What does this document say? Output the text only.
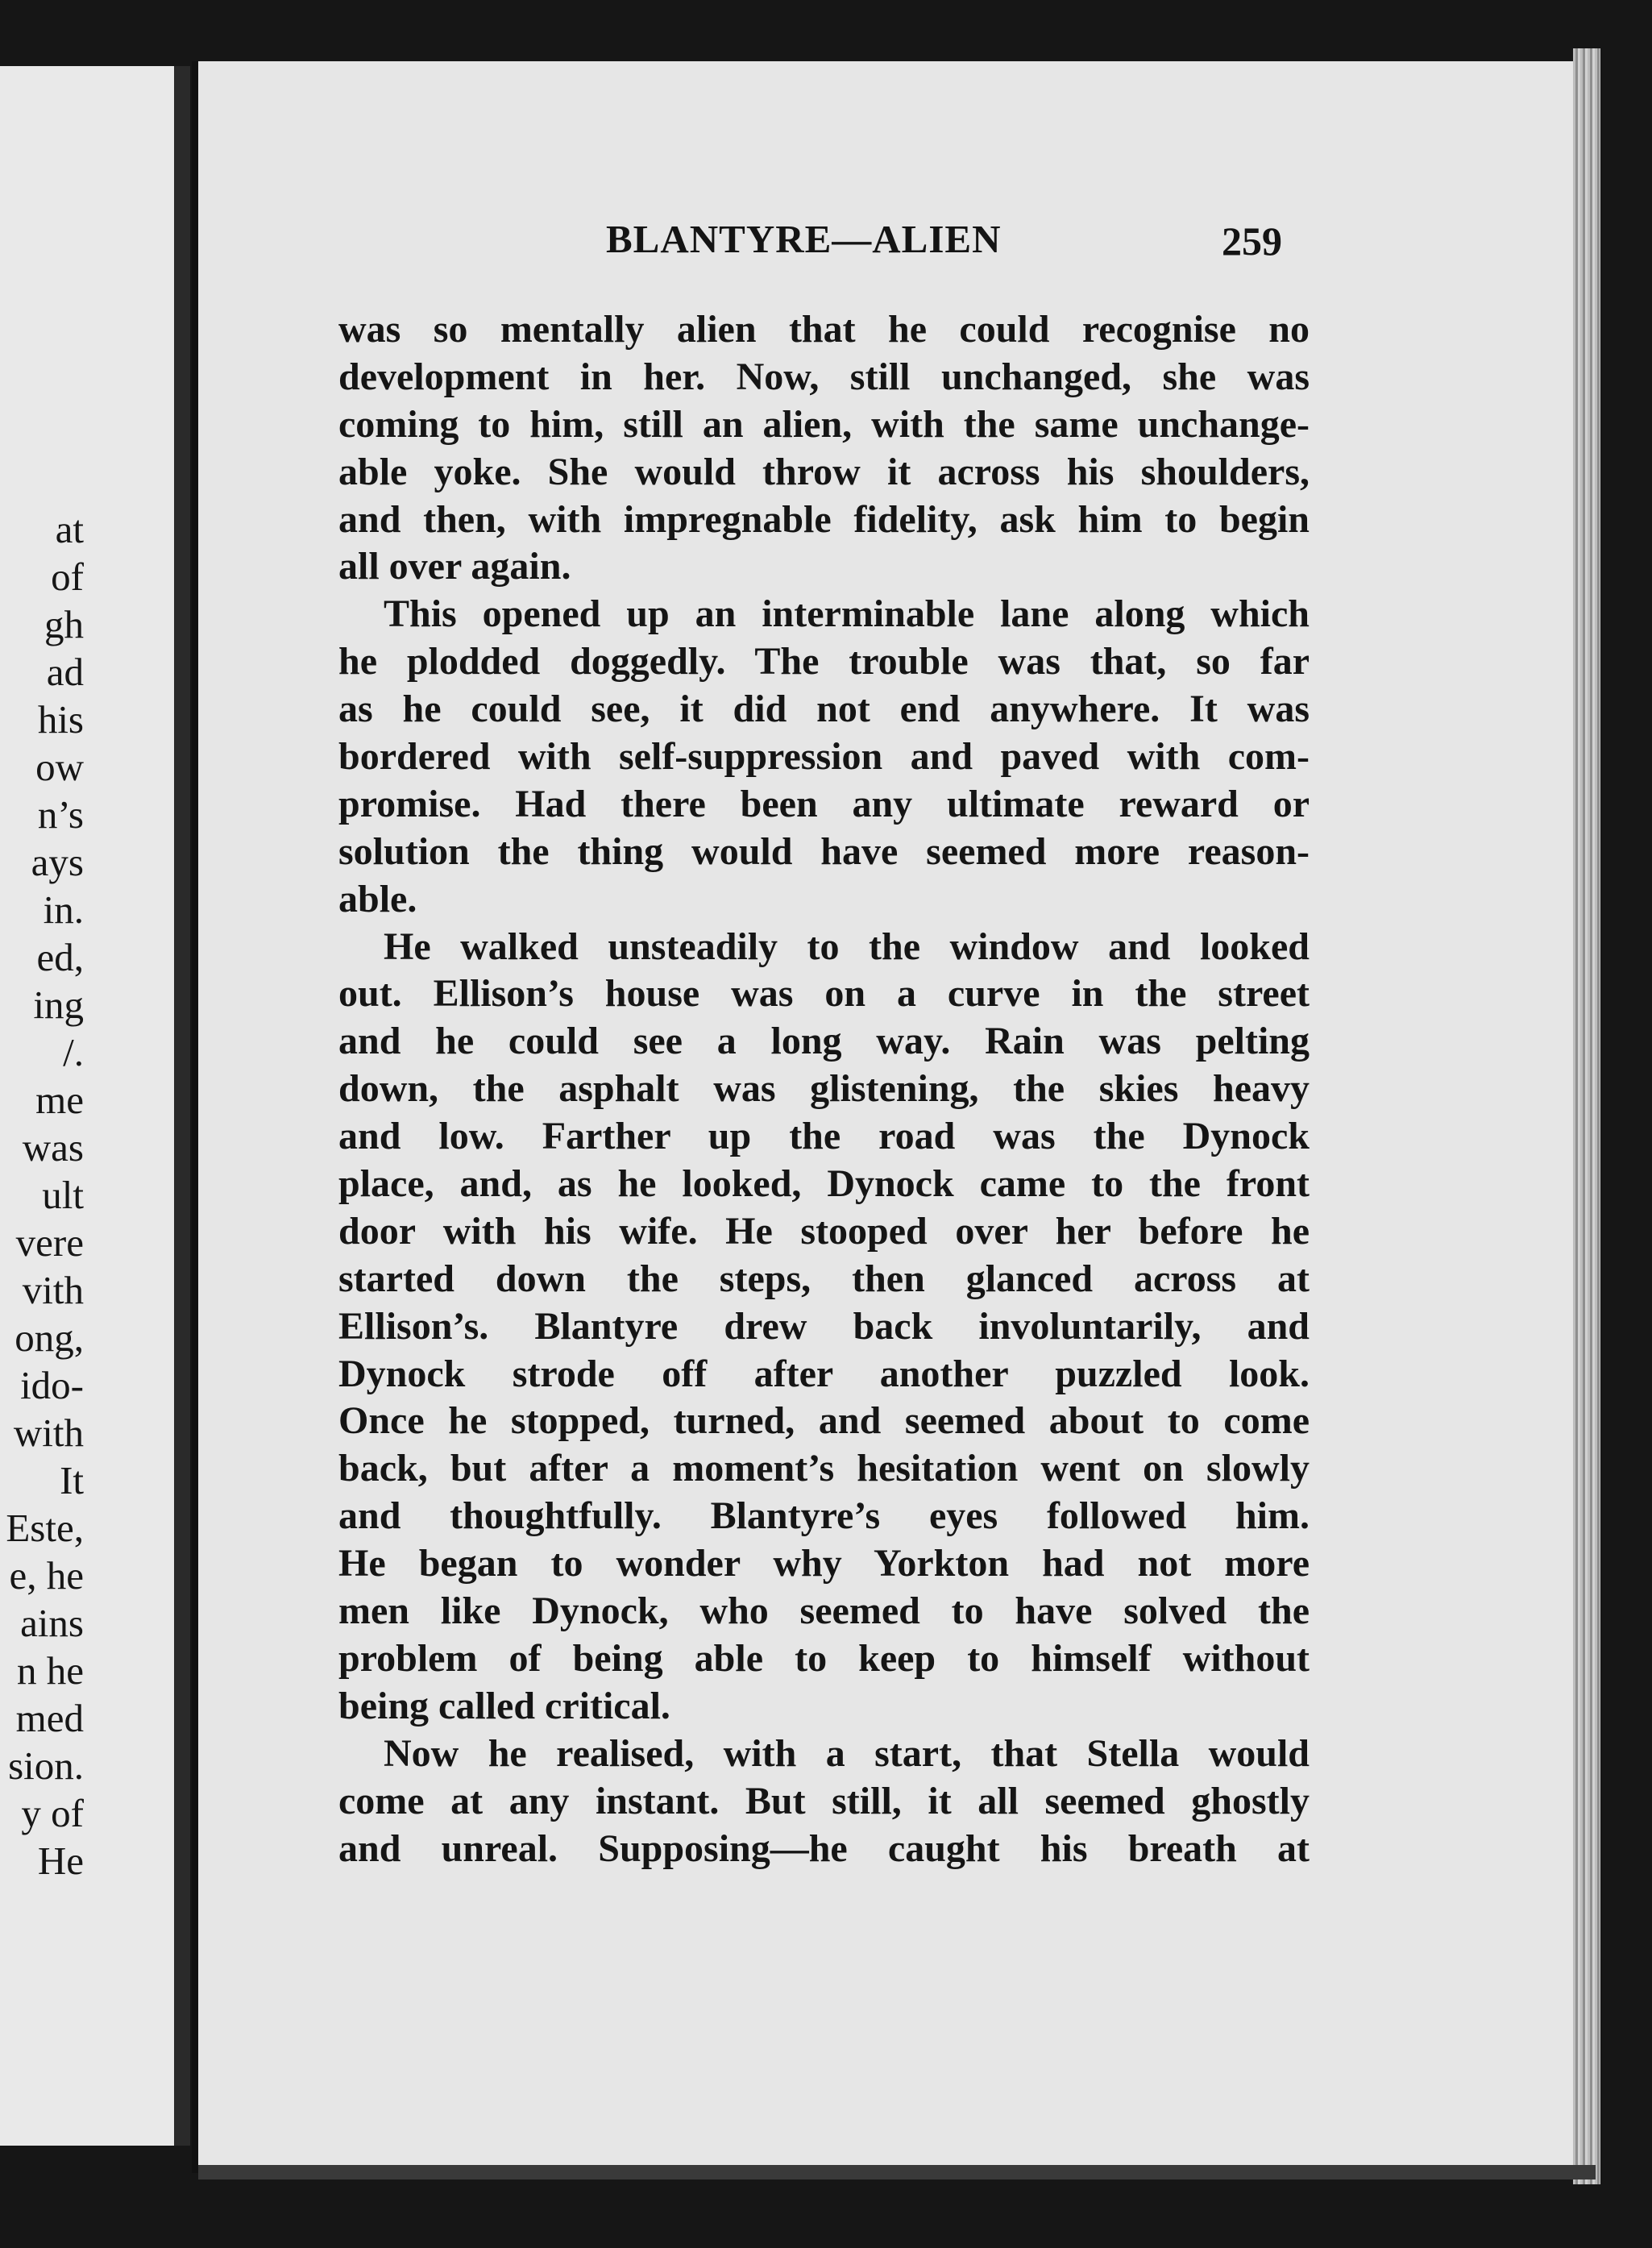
at
of
gh
ad
his
ow
n’s
ays
in.
ed,
ing
/.
me
was
ult
vere
vith
ong,
ido-
with
It
Este,
e, he
ains
n he
med
sion.
y of
He
BLANTYRE—ALIEN	259
was so mentally alien that he could recognise no
development in her. Now, still unchanged, she was
coming to him, still an alien, with the same unchange-
able yoke. She would throw it across his shoulders,
and then, with impregnable fidelity, ask him to begin
all over again.
This opened up an interminable lane along which
he plodded doggedly. The trouble was that, so far
as he could see, it did not end anywhere. It was
bordered with self-suppression and paved with com-
promise. Had there been any ultimate reward or
solution the thing would have seemed more reason-
able.
He walked unsteadily to the window and looked
out. Ellison’s house was on a curve in the street
and he could see a long way. Rain was pelting
down, the asphalt was glistening, the skies heavy
and low. Farther up the road was the Dynock
place, and, as he looked, Dynock came to the front
door with his wife. He stooped over her before he
started down the steps, then glanced across at
Ellison’s. Blantyre drew back involuntarily, and
Dynock strode off after another puzzled look.
Once he stopped, turned, and seemed about to come
back, but after a moment’s hesitation went on slowly
and thoughtfully. Blantyre’s eyes followed him.
He began to wonder why Yorkton had not more
men like Dynock, who seemed to have solved the
problem of being able to keep to himself without
being called critical.
Now he realised, with a start, that Stella would
come at any instant. But still, it all seemed ghostly
and unreal. Supposing—he caught his breath at
